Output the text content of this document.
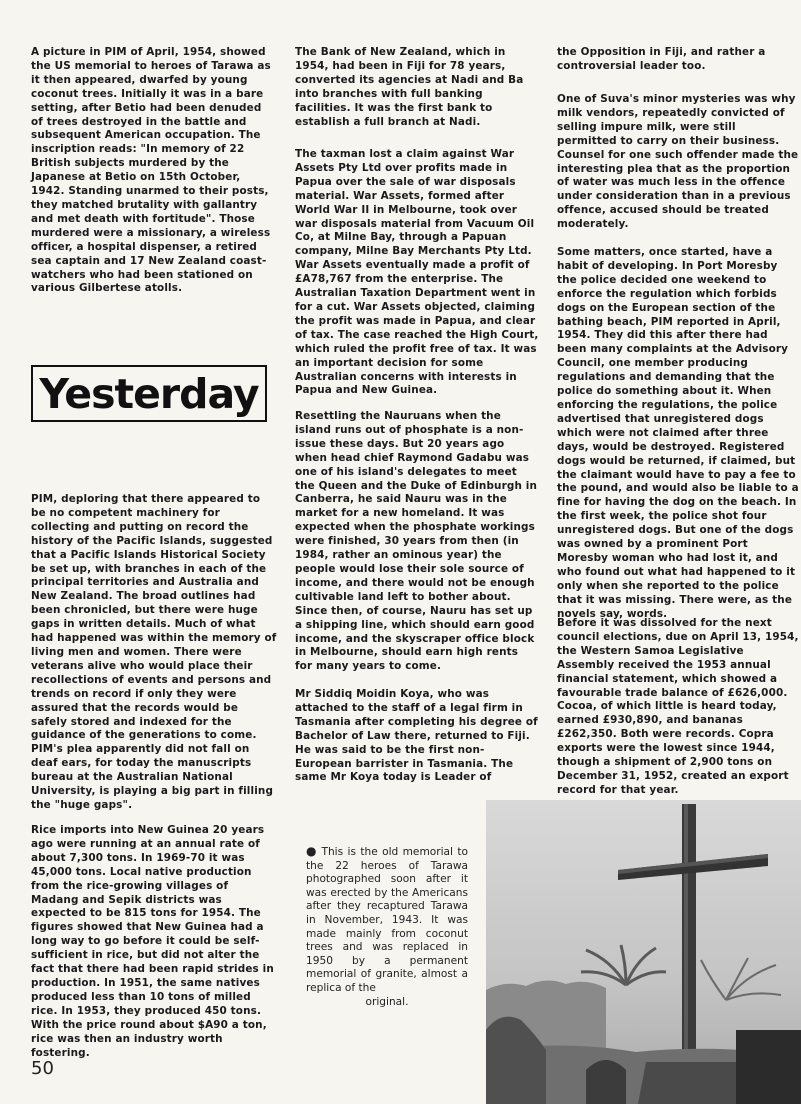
A picture in PIM of April, 1954, showed the US memorial to heroes of Tarawa as it then appeared, dwarfed by young coconut trees. Initially it was in a bare setting, after Betio had been denuded of trees destroyed in the battle and subsequent American occupation. The inscription reads: "In memory of 22 British subjects murdered by the Japanese at Betio on 15th October, 1942. Standing unarmed to their posts, they matched brutality with gallantry and met death with fortitude". Those murdered were a missionary, a wireless officer, a hospital dispenser, a retired sea captain and 17 New Zealand coast-watchers who had been stationed on various Gilbertese atolls.

Yesterday

PIM, deploring that there appeared to be no competent machinery for collecting and putting on record the history of the Pacific Islands, suggested that a Pacific Islands Historical Society be set up, with branches in each of the principal territories and Australia and New Zealand. The broad outlines had been chronicled, but there were huge gaps in written details. Much of what had happened was within the memory of living men and women. There were veterans alive who would place their recollections of events and persons and trends on record if only they were assured that the records would be safely stored and indexed for the guidance of the generations to come. PIM's plea apparently did not fall on deaf ears, for today the manuscripts bureau at the Australian National University, is playing a big part in filling the "huge gaps".

Rice imports into New Guinea 20 years ago were running at an annual rate of about 7,300 tons. In 1969-70 it was 45,000 tons. Local native production from the rice-growing villages of Madang and Sepik districts was expected to be 815 tons for 1954. The figures showed that New Guinea had a long way to go before it could be self-sufficient in rice, but did not alter the fact that there had been rapid strides in production. In 1951, the same natives produced less than 10 tons of milled rice. In 1953, they produced 450 tons. With the price round about $A90 a ton, rice was then an industry worth fostering.

The Bank of New Zealand, which in 1954, had been in Fiji for 78 years, converted its agencies at Nadi and Ba into branches with full banking facilities. It was the first bank to establish a full branch at Nadi.

The taxman lost a claim against War Assets Pty Ltd over profits made in Papua over the sale of war disposals material. War Assets, formed after World War II in Melbourne, took over war disposals material from Vacuum Oil Co, at Milne Bay, through a Papuan company, Milne Bay Merchants Pty Ltd. War Assets eventually made a profit of £A78,767 from the enterprise. The Australian Taxation Department went in for a cut. War Assets objected, claiming the profit was made in Papua, and clear of tax. The case reached the High Court, which ruled the profit free of tax. It was an important decision for some Australian concerns with interests in Papua and New Guinea.

Resettling the Nauruans when the island runs out of phosphate is a non-issue these days. But 20 years ago when head chief Raymond Gadabu was one of his island's delegates to meet the Queen and the Duke of Edinburgh in Canberra, he said Nauru was in the market for a new homeland. It was expected when the phosphate workings were finished, 30 years from then (in 1984, rather an ominous year) the people would lose their sole source of income, and there would not be enough cultivable land left to bother about. Since then, of course, Nauru has set up a shipping line, which should earn good income, and the skyscraper office block in Melbourne, should earn high rents for many years to come.

Mr Siddiq Moidin Koya, who was attached to the staff of a legal firm in Tasmania after completing his degree of Bachelor of Law there, returned to Fiji. He was said to be the first non-European barrister in Tasmania. The same Mr Koya today is Leader of

the Opposition in Fiji, and rather a controversial leader too.

One of Suva's minor mysteries was why milk vendors, repeatedly convicted of selling impure milk, were still permitted to carry on their business. Counsel for one such offender made the interesting plea that as the proportion of water was much less in the offence under consideration than in a previous offence, accused should be treated moderately.

Some matters, once started, have a habit of developing. In Port Moresby the police decided one weekend to enforce the regulation which forbids dogs on the European section of the bathing beach, PIM reported in April, 1954. They did this after there had been many complaints at the Advisory Council, one member producing regulations and demanding that the police do something about it. When enforcing the regulations, the police advertised that unregistered dogs which were not claimed after three days, would be destroyed. Registered dogs would be returned, if claimed, but the claimant would have to pay a fee to the pound, and would also be liable to a fine for having the dog on the beach. In the first week, the police shot four unregistered dogs. But one of the dogs was owned by a prominent Port Moresby woman who had lost it, and who found out what had happened to it only when she reported to the police that it was missing. There were, as the novels say, words.

Before it was dissolved for the next council elections, due on April 13, 1954, the Western Samoa Legislative Assembly received the 1953 annual financial statement, which showed a favourable trade balance of £626,000. Cocoa, of which little is heard today, earned £930,890, and bananas £262,350. Both were records. Copra exports were the lowest since 1944, though a shipment of 2,900 tons on December 31, 1952, created an export record for that year.

● This is the old memorial to the 22 heroes of Tarawa photographed soon after it was erected by the Americans after they recaptured Tarawa in November, 1943. It was made mainly from coconut trees and was replaced in 1950 by a permanent memorial of granite, almost a replica of the
original.
50
